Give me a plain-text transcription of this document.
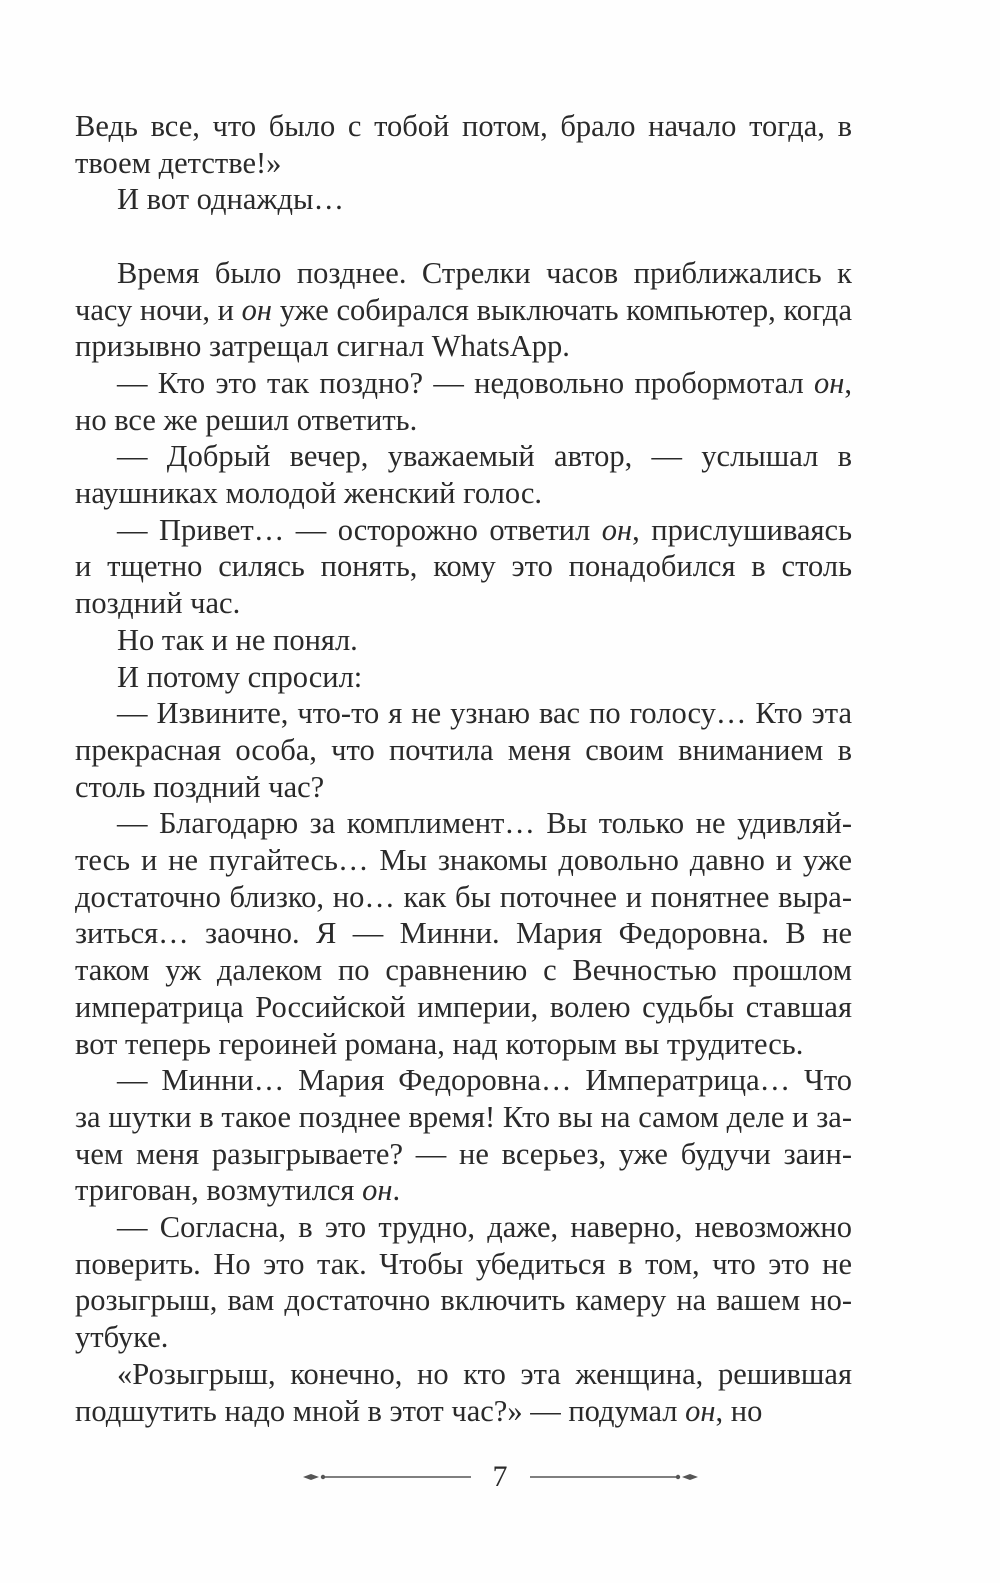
Ведь все, что было с тобой потом, брало начало тогда, в твоем детстве!»

И вот однажды…

Время было позднее. Стрелки часов приближались к часу ночи, и он уже собирался выключать компьютер, когда призывно затрещал сигнал WhatsApp.

— Кто это так поздно? — недовольно пробормотал он, но все же решил ответить.

— Добрый вечер, уважаемый автор, — услышал в наушниках молодой женский голос.

— Привет… — осторожно ответил он, прислушиваясь и тщетно силясь понять, кому это понадобился в столь поздний час.

Но так и не понял.

И потому спросил:

— Извините, что-то я не узнаю вас по голосу… Кто эта прекрасная особа, что почтила меня своим вниманием в столь поздний час?

— Благодарю за комплимент… Вы только не удивляйтесь и не пугайтесь… Мы знакомы довольно давно и уже достаточно близко, но… как бы поточнее и понятнее выразиться… заочно. Я — Минни. Мария Федоровна. В не таком уж далеком по сравнению с Вечностью прошлом императрица Российской империи, волею судьбы ставшая вот теперь героиней романа, над которым вы трудитесь.

— Минни… Мария Федоровна… Императрица… Что за шутки в такое позднее время! Кто вы на самом деле и зачем меня разыгрываете? — не всерьез, уже будучи заинтригован, возмутился он.

— Согласна, в это трудно, даже, наверно, невозможно поверить. Но это так. Чтобы убедиться в том, что это не розыгрыш, вам достаточно включить камеру на вашем ноутбуке.

«Розыгрыш, конечно, но кто эта женщина, решившая подшутить надо мной в этот час?» — подумал он, но

7
